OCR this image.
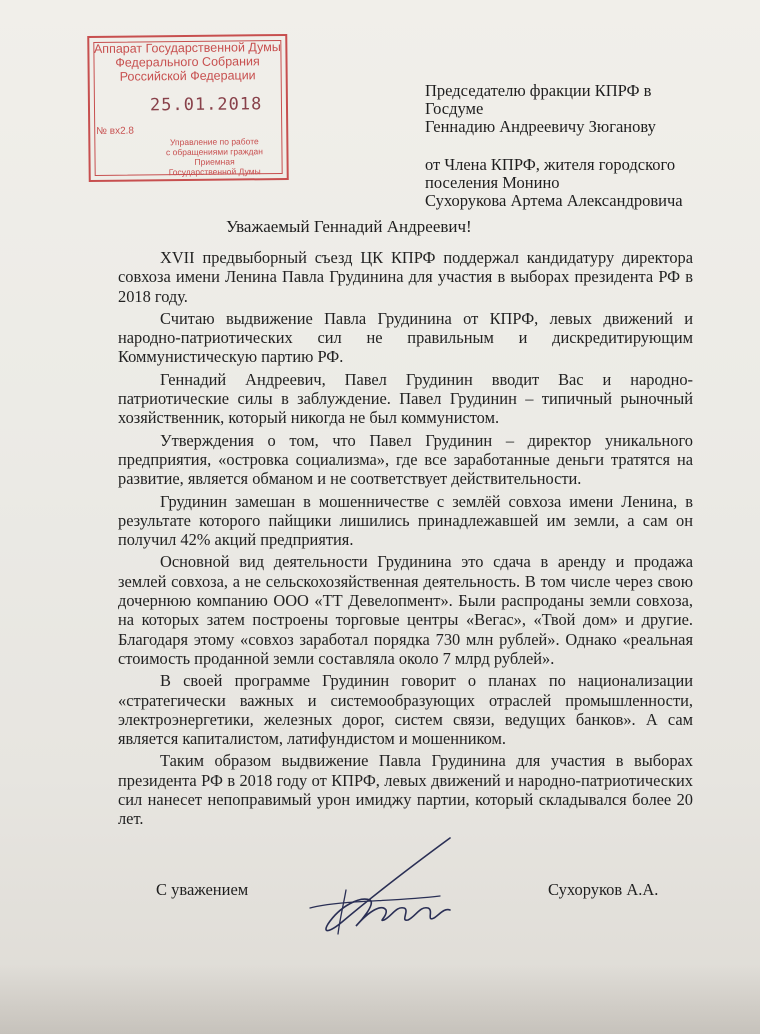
Аппарат Государственной Думы
Федерального Собрания
Российской Федерации
25.01.2018
№ вх2.8
Управление по работе
с обращениями граждан
Приемная
Государственной Думы
Председателю фракции КПРФ в
Госдуме
Геннадию Андреевичу Зюганову
от Члена КПРФ, жителя городского
поселения Монино
Сухорукова Артема Александровича
Уважаемый Геннадий Андреевич!

XVII предвыборный съезд ЦК КПРФ поддержал кандидатуру директора совхоза имени Ленина Павла Грудинина для участия в выборах президента РФ в 2018 году.

Считаю выдвижение Павла Грудинина от КПРФ, левых движений и народно-патриотических сил не правильным и дискредитирующим Коммунистическую партию РФ.

Геннадий Андреевич, Павел Грудинин вводит Вас и народно-патриотические силы в заблуждение. Павел Грудинин – типичный рыночный хозяйственник, который никогда не был коммунистом.

Утверждения о том, что Павел Грудинин – директор уникального предприятия, «островка социализма», где все заработанные деньги тратятся на развитие, является обманом и не соответствует действительности.

Грудинин замешан в мошенничестве с землёй совхоза имени Ленина, в результате которого пайщики лишились принадлежавшей им земли, а сам он получил 42% акций предприятия.

Основной вид деятельности Грудинина это сдача в аренду и продажа землей совхоза, а не сельскохозяйственная деятельность. В том числе через свою дочернюю компанию ООО «ТТ Девелопмент». Были распроданы земли совхоза, на которых затем построены торговые центры «Вегас», «Твой дом» и другие. Благодаря этому «совхоз заработал порядка 730 млн рублей». Однако «реальная стоимость проданной земли составляла около 7 млрд рублей».

В своей программе Грудинин говорит о планах по национализации «стратегически важных и системообразующих отраслей промышленности, электроэнергетики, железных дорог, систем связи, ведущих банков». А сам является капиталистом, латифундистом и мошенником.

Таким образом выдвижение Павла Грудинина для участия в выборах президента РФ в 2018 году от КПРФ, левых движений и народно-патриотических сил нанесет непоправимый урон имиджу партии, который складывался более 20 лет.

С уважением	Сухоруков А.А.
